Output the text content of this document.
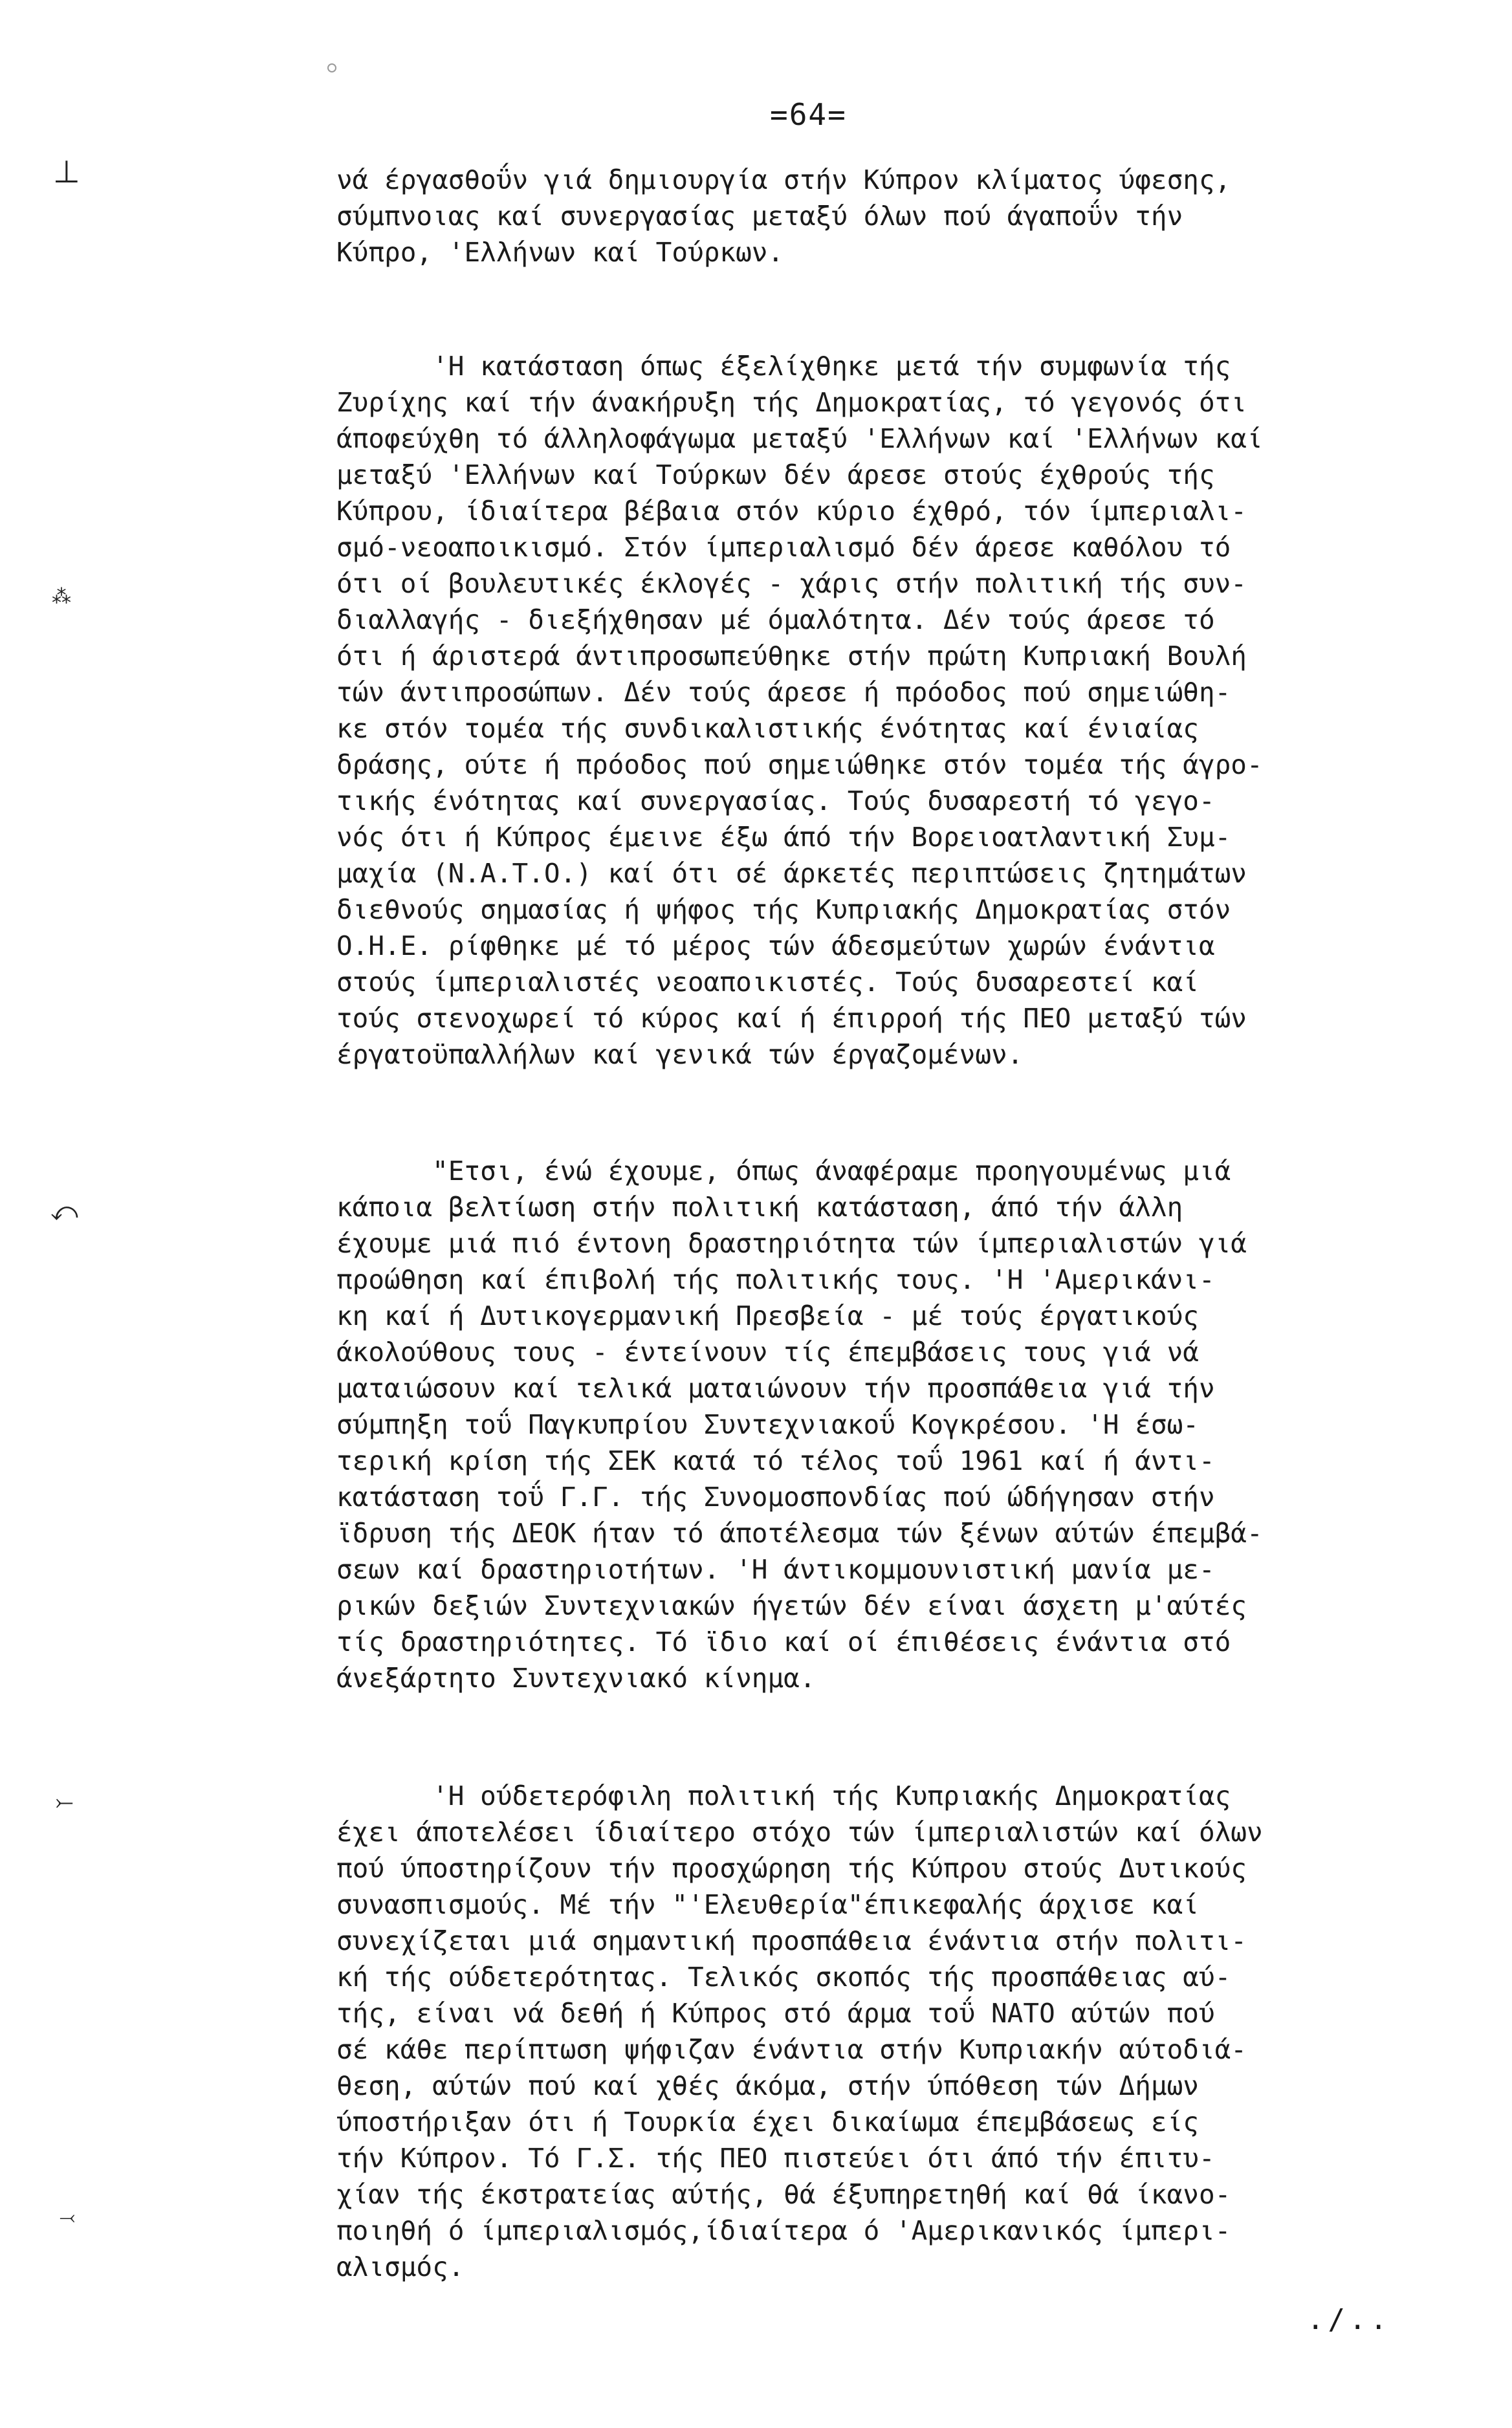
=64=
⊥
⁂
⤺
⤚
⤙
νά έργασθοΰν γιά δημιουργία στήν Κύπρον κλίματος ύφεσης,
σύμπνοιας καί συνεργασίας μεταξύ όλων πού άγαποΰν τήν
Κύπρο, 'Ελλήνων καί Τούρκων.
'Η κατάσταση όπως έξελίχθηκε μετά τήν συμφωνία τής
Ζυρίχης καί τήν άνακήρυξη τής Δημοκρατίας, τό γεγονός ότι
άποφεύχθη τό άλληλοφάγωμα μεταξύ 'Ελλήνων καί 'Ελλήνων καί
μεταξύ 'Ελλήνων καί Τούρκων δέν άρεσε στούς έχθρούς τής
Κύπρου, ίδιαίτερα βέβαια στόν κύριο έχθρό, τόν ίμπεριαλι-
σμό-νεοαποικισμό. Στόν ίμπεριαλισμό δέν άρεσε καθόλου τό
ότι οί βουλευτικές έκλογές - χάρις στήν πολιτική τής συν-
διαλλαγής - διεξήχθησαν μέ όμαλότητα. Δέν τούς άρεσε τό
ότι ή άριστερά άντιπροσωπεύθηκε στήν πρώτη Κυπριακή Βουλή
τών άντιπροσώπων. Δέν τούς άρεσε ή πρόοδος πού σημειώθη-
κε στόν τομέα τής συνδικαλιστικής ένότητας καί ένιαίας
δράσης, ούτε ή πρόοδος πού σημειώθηκε στόν τομέα τής άγρο-
τικής ένότητας καί συνεργασίας. Τούς δυσαρεστή τό γεγο-
νός ότι ή Κύπρος έμεινε έξω άπό τήν Βορειοατλαντική Συμ-
μαχία (Ν.Α.Τ.Ο.) καί ότι σέ άρκετές περιπτώσεις ζητημάτων
διεθνούς σημασίας ή ψήφος τής Κυπριακής Δημοκρατίας στόν
Ο.Η.Ε. ρίφθηκε μέ τό μέρος τών άδεσμεύτων χωρών ένάντια
στούς ίμπεριαλιστές νεοαποικιστές. Τούς δυσαρεστεί καί
τούς στενοχωρεί τό κύρος καί ή έπιρροή τής ΠΕΟ μεταξύ τών
έργατοϋπαλλήλων καί γενικά τών έργαζομένων.
"Ετσι, ένώ έχουμε, όπως άναφέραμε προηγουμένως μιά
κάποια βελτίωση στήν πολιτική κατάσταση, άπό τήν άλλη
έχουμε μιά πιό έντονη δραστηριότητα τών ίμπεριαλιστών γιά
προώθηση καί έπιβολή τής πολιτικής τους. 'Η 'Αμερικάνι-
κη καί ή Δυτικογερμανική Πρεσβεία - μέ τούς έργατικούς
άκολούθους τους - έντείνουν τίς έπεμβάσεις τους γιά νά
ματαιώσουν καί τελικά ματαιώνουν τήν προσπάθεια γιά τήν
σύμπηξη τοΰ Παγκυπρίου Συντεχνιακοΰ Κογκρέσου. 'Η έσω-
τερική κρίση τής ΣΕΚ κατά τό τέλος τοΰ 1961 καί ή άντι-
κατάσταση τοΰ Γ.Γ. τής Συνομοσπονδίας πού ώδήγησαν στήν
ϊδρυση τής ΔΕΟΚ ήταν τό άποτέλεσμα τών ξένων αύτών έπεμβά-
σεων καί δραστηριοτήτων. 'Η άντικομμουνιστική μανία με-
ρικών δεξιών Συντεχνιακών ήγετών δέν είναι άσχετη μ'αύτές
τίς δραστηριότητες. Τό ϊδιο καί οί έπιθέσεις ένάντια στό
άνεξάρτητο Συντεχνιακό κίνημα.
'Η ούδετερόφιλη πολιτική τής Κυπριακής Δημοκρατίας
έχει άποτελέσει ίδιαίτερο στόχο τών ίμπεριαλιστών καί όλων
πού ύποστηρίζουν τήν προσχώρηση τής Κύπρου στούς Δυτικούς
συνασπισμούς. Μέ τήν "'Ελευθερία"έπικεφαλής άρχισε καί
συνεχίζεται μιά σημαντική προσπάθεια ένάντια στήν πολιτι-
κή τής ούδετερότητας. Τελικός σκοπός τής προσπάθειας αύ-
τής, είναι νά δεθή ή Κύπρος στό άρμα τοΰ ΝΑΤΟ αύτών πού
σέ κάθε περίπτωση ψήφιζαν ένάντια στήν Κυπριακήν αύτοδιά-
θεση, αύτών πού καί χθές άκόμα, στήν ύπόθεση τών Δήμων
ύποστήριξαν ότι ή Τουρκία έχει δικαίωμα έπεμβάσεως είς
τήν Κύπρον. Τό Γ.Σ. τής ΠΕΟ πιστεύει ότι άπό τήν έπιτυ-
χίαν τής έκστρατείας αύτής, θά έξυπηρετηθή καί θά ίκανο-
ποιηθή ό ίμπεριαλισμός,ίδιαίτερα ό 'Αμερικανικός ίμπερι-
αλισμός.
./..
